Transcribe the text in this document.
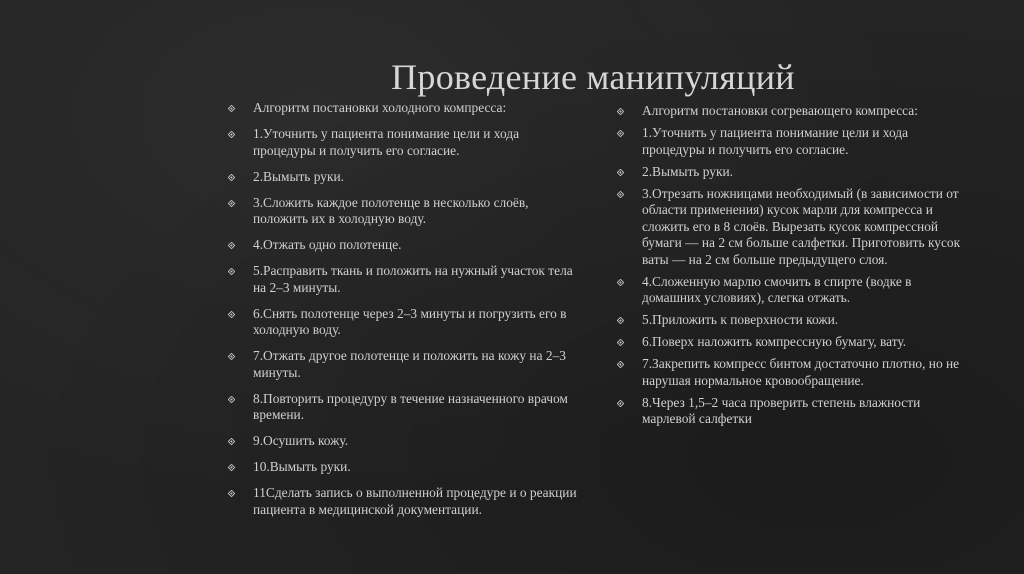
Проведение манипуляций
Алгоритм постановки холодного компресса:
1.Уточнить у пациента понимание цели и хода процедуры и получить его согласие.
2.Вымыть руки.
3.Сложить каждое полотенце в несколько слоёв, положить их в холодную воду.
4.Отжать одно полотенце.
5.Расправить ткань и положить на нужный участок тела на 2–3 минуты.
6.Снять полотенце через 2–3 минуты и погрузить его в холодную воду.
7.Отжать другое полотенце и положить на кожу на 2–3 минуты.
8.Повторить процедуру в течение назначенного врачом времени.
9.Осушить кожу.
10.Вымыть руки.
11Сделать запись о выполненной процедуре и о реакции пациента в медицинской документации.
Алгоритм постановки согревающего компресса:
1.Уточнить у пациента понимание цели и хода процедуры и получить его согласие.
2.Вымыть руки.
3.Отрезать ножницами необходимый (в зависимости от области применения) кусок марли для компресса и сложить его в 8 слоёв. Вырезать кусок компрессной бумаги — на 2 см больше салфетки. Приготовить кусок ваты — на 2 см больше предыдущего слоя.
4.Сложенную марлю смочить в спирте (водке в домашних условиях), слегка отжать.
5.Приложить к поверхности кожи.
6.Поверх наложить компрессную бумагу, вату.
7.Закрепить компресс бинтом достаточно плотно, но не нарушая нормальное кровообращение.
8.Через 1,5–2 часа проверить степень влажности марлевой салфетки
